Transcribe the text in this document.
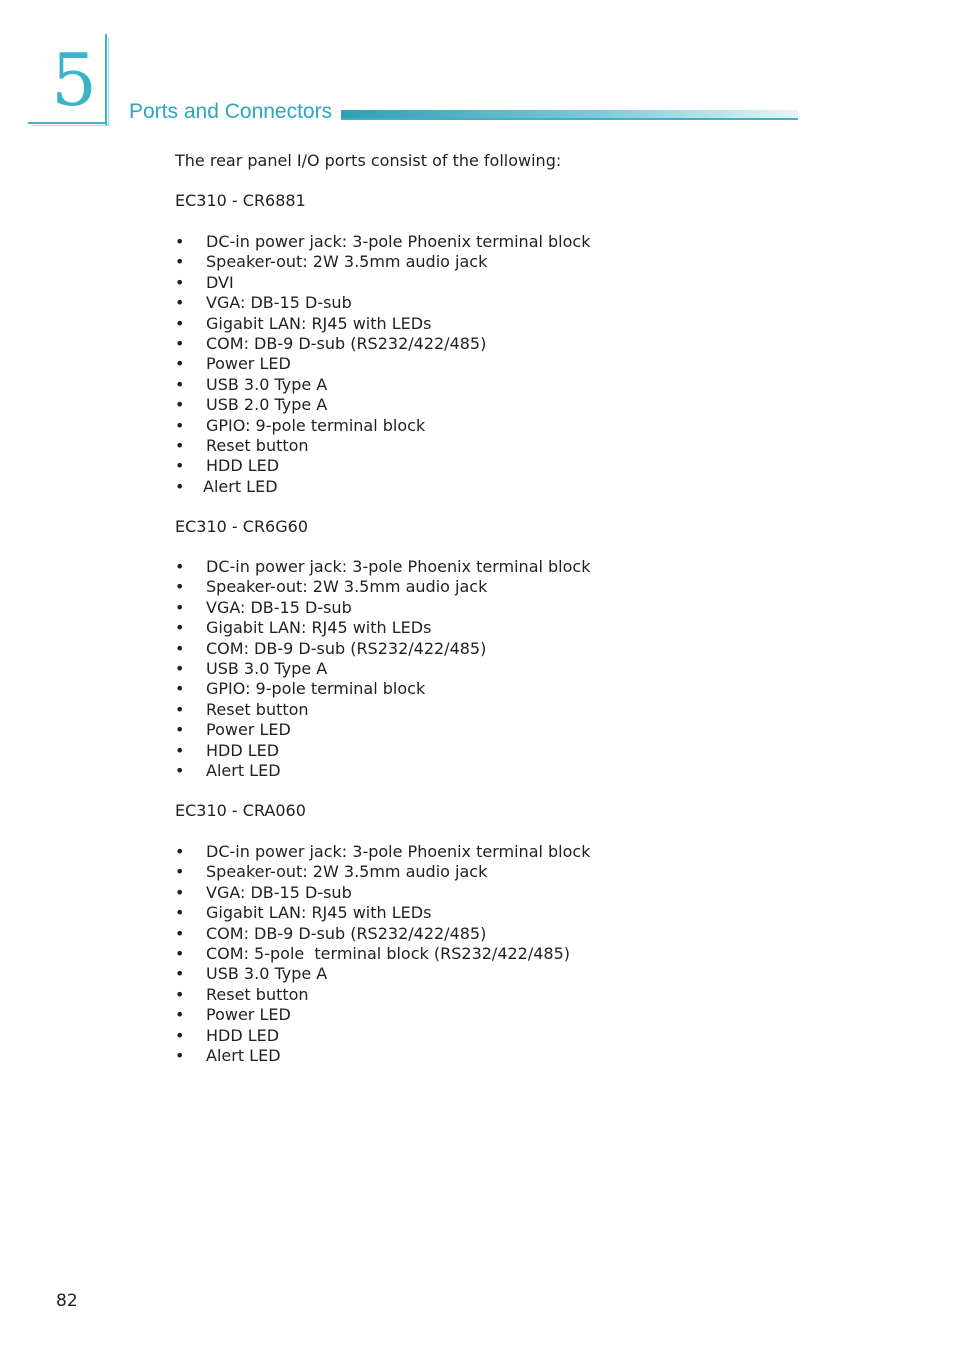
5 Ports and Connectors
The rear panel I/O ports consist of the following:
EC310 - CR6881
• DC-in power jack: 3-pole Phoenix terminal block
• Speaker-out: 2W 3.5mm audio jack
• DVI
• VGA: DB-15 D-sub
• Gigabit LAN: RJ45 with LEDs
• COM: DB-9 D-sub (RS232/422/485)
• Power LED
• USB 3.0 Type A
• USB 2.0 Type A
• GPIO: 9-pole terminal block
• Reset button
• HDD LED
• Alert LED
EC310 - CR6G60
• DC-in power jack: 3-pole Phoenix terminal block
• Speaker-out: 2W 3.5mm audio jack
• VGA: DB-15 D-sub
• Gigabit LAN: RJ45 with LEDs
• COM: DB-9 D-sub (RS232/422/485)
• USB 3.0 Type A
• GPIO: 9-pole terminal block
• Reset button
• Power LED
• HDD LED
• Alert LED
EC310 - CRA060
• DC-in power jack: 3-pole Phoenix terminal block
• Speaker-out: 2W 3.5mm audio jack
• VGA: DB-15 D-sub
• Gigabit LAN: RJ45 with LEDs
• COM: DB-9 D-sub (RS232/422/485)
• COM: 5-pole  terminal block (RS232/422/485)
• USB 3.0 Type A
• Reset button
• Power LED
• HDD LED
• Alert LED
82
